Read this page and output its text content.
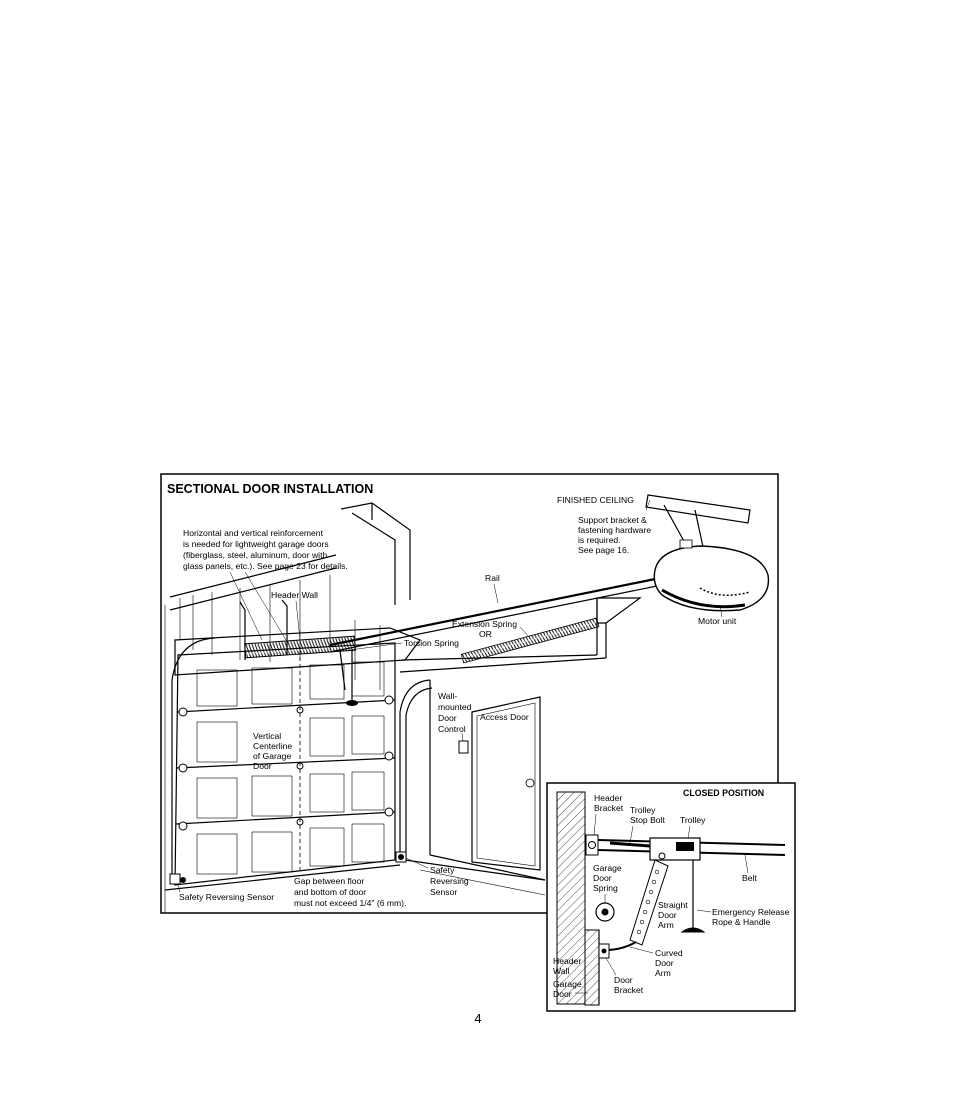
SECTIONAL DOOR INSTALLATION
Horizontal and vertical reinforcement
is needed for lightweight garage doors
(fiberglass, steel, aluminum, door with
glass panels, etc.). See page 23 for details.
Header Wall
Torsion Spring
Rail
Extension Spring
OR
FINISHED CEILING
Support bracket &
fastening hardware
is required.
See page 16.
Motor unit
Vertical
Centerline
of Garage
Door
Access Door
Wall-
mounted
Door
Control
Safety Reversing Sensor
Safety
Reversing
Sensor
Gap between floor
and bottom of door
must not exceed 1/4" (6 mm).
CLOSED POSITION
Header
Bracket Trolley
Stop Bolt Trolley
Belt
Garage
Door
Spring
Straight
Door
Arm
Emergency Release
Rope & Handle
Curved
Door
Arm
Header
Wall
Garage
Door
Door
Bracket
4
